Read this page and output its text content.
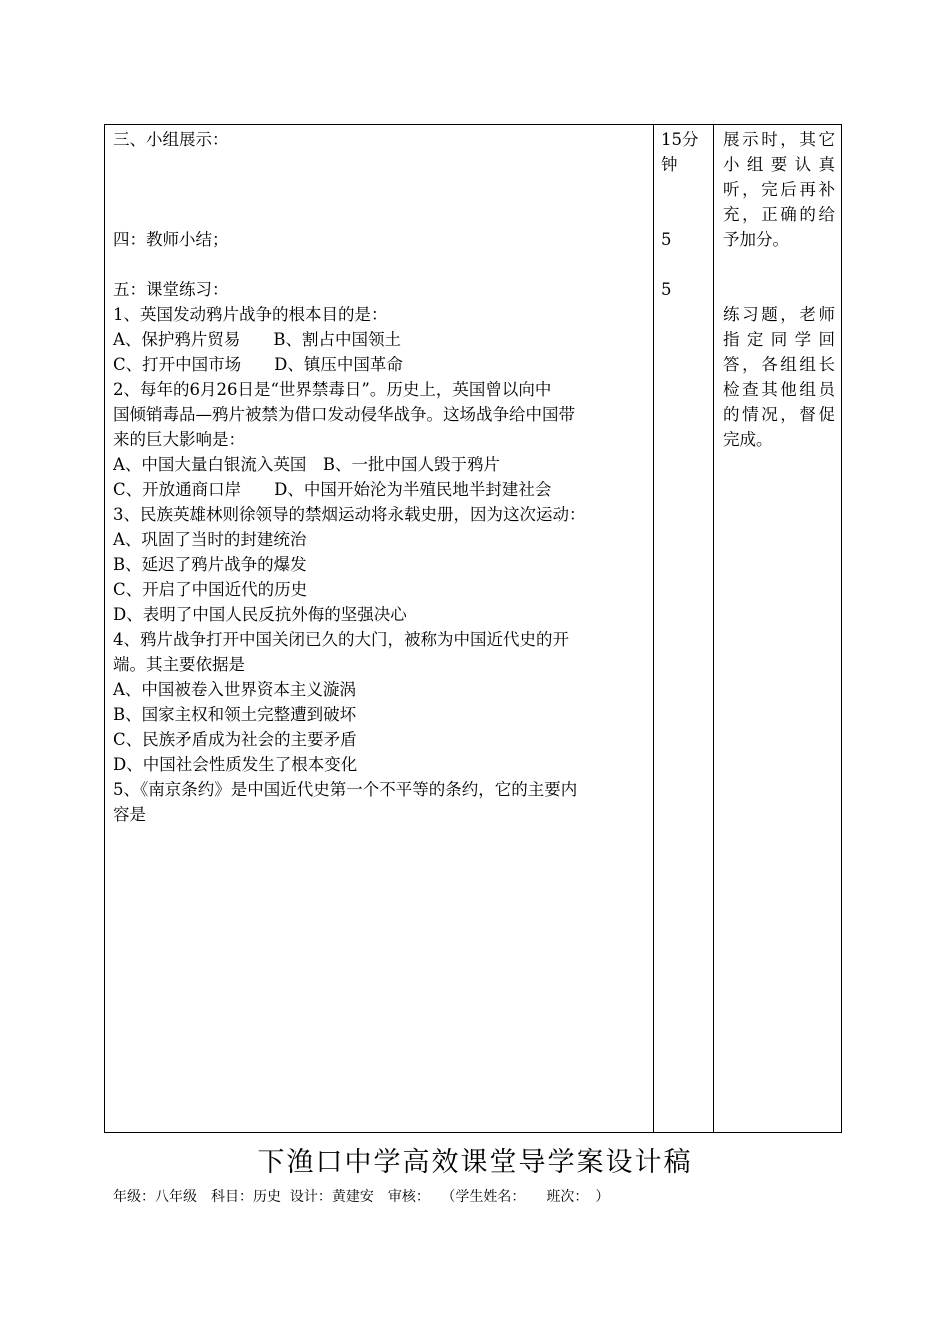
三、小组展示：
四：教师小结；
五：课堂练习：
1、英国发动鸦片战争的根本目的是：
A、保护鸦片贸易　　B、割占中国领土
C、打开中国市场　　D、镇压中国革命
2、每年的6月26日是“世界禁毒日”。历史上，英国曾以向中
国倾销毒品—鸦片被禁为借口发动侵华战争。这场战争给中国带
来的巨大影响是：
A、中国大量白银流入英国　B、一批中国人毁于鸦片
C、开放通商口岸　　D、中国开始沦为半殖民地半封建社会
3、民族英雄林则徐领导的禁烟运动将永载史册，因为这次运动：
A、巩固了当时的封建统治
B、延迟了鸦片战争的爆发
C、开启了中国近代的历史
D、表明了中国人民反抗外侮的坚强决心
4、鸦片战争打开中国关闭已久的大门，被称为中国近代史的开
端。其主要依据是
A、中国被卷入世界资本主义漩涡
B、国家主权和领土完整遭到破坏
C、民族矛盾成为社会的主要矛盾
D、中国社会性质发生了根本变化
5、《南京条约》是中国近代史第一个不平等的条约，它的主要内
容是
15分
钟
5
5
展示时，其它小组要认真听，完后再补充，正确的给予加分。
练习题，老师指定同学回答，各组组长检查其他组员的情况，督促完成。
下渔口中学高效课堂导学案设计稿
年级：八年级　科目：历史  设计：黄建安　审核：　 （学生姓名：　　班次：　）
